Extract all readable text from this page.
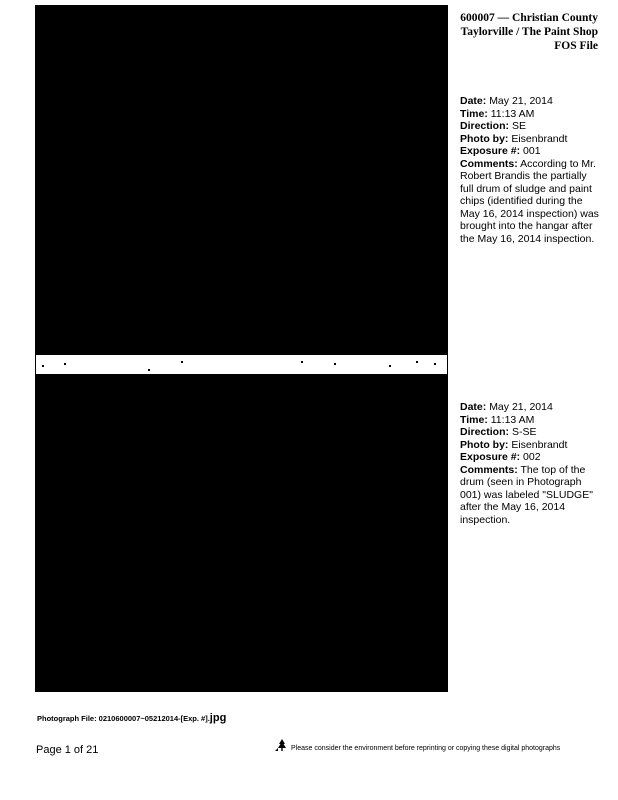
600007 — Christian County
Taylorville / The Paint Shop
FOS File
Date: May 21, 2014
Time: 11:13 AM
Direction: SE
Photo by: Eisenbrandt
Exposure #: 001
Comments: According to Mr. Robert Brandis the partially full drum of sludge and paint chips (identified during the May 16, 2014 inspection) was brought into the hangar after the May 16, 2014 inspection.
Date: May 21, 2014
Time: 11:13 AM
Direction: S-SE
Photo by: Eisenbrandt
Exposure #: 002
Comments: The top of the drum (seen in Photograph 001) was labeled "SLUDGE" after the May 16, 2014 inspection.
Photograph File: 0210600007~05212014-[Exp. #].jpg
Page 1 of 21	Please consider the environment before reprinting or copying these digital photographs
